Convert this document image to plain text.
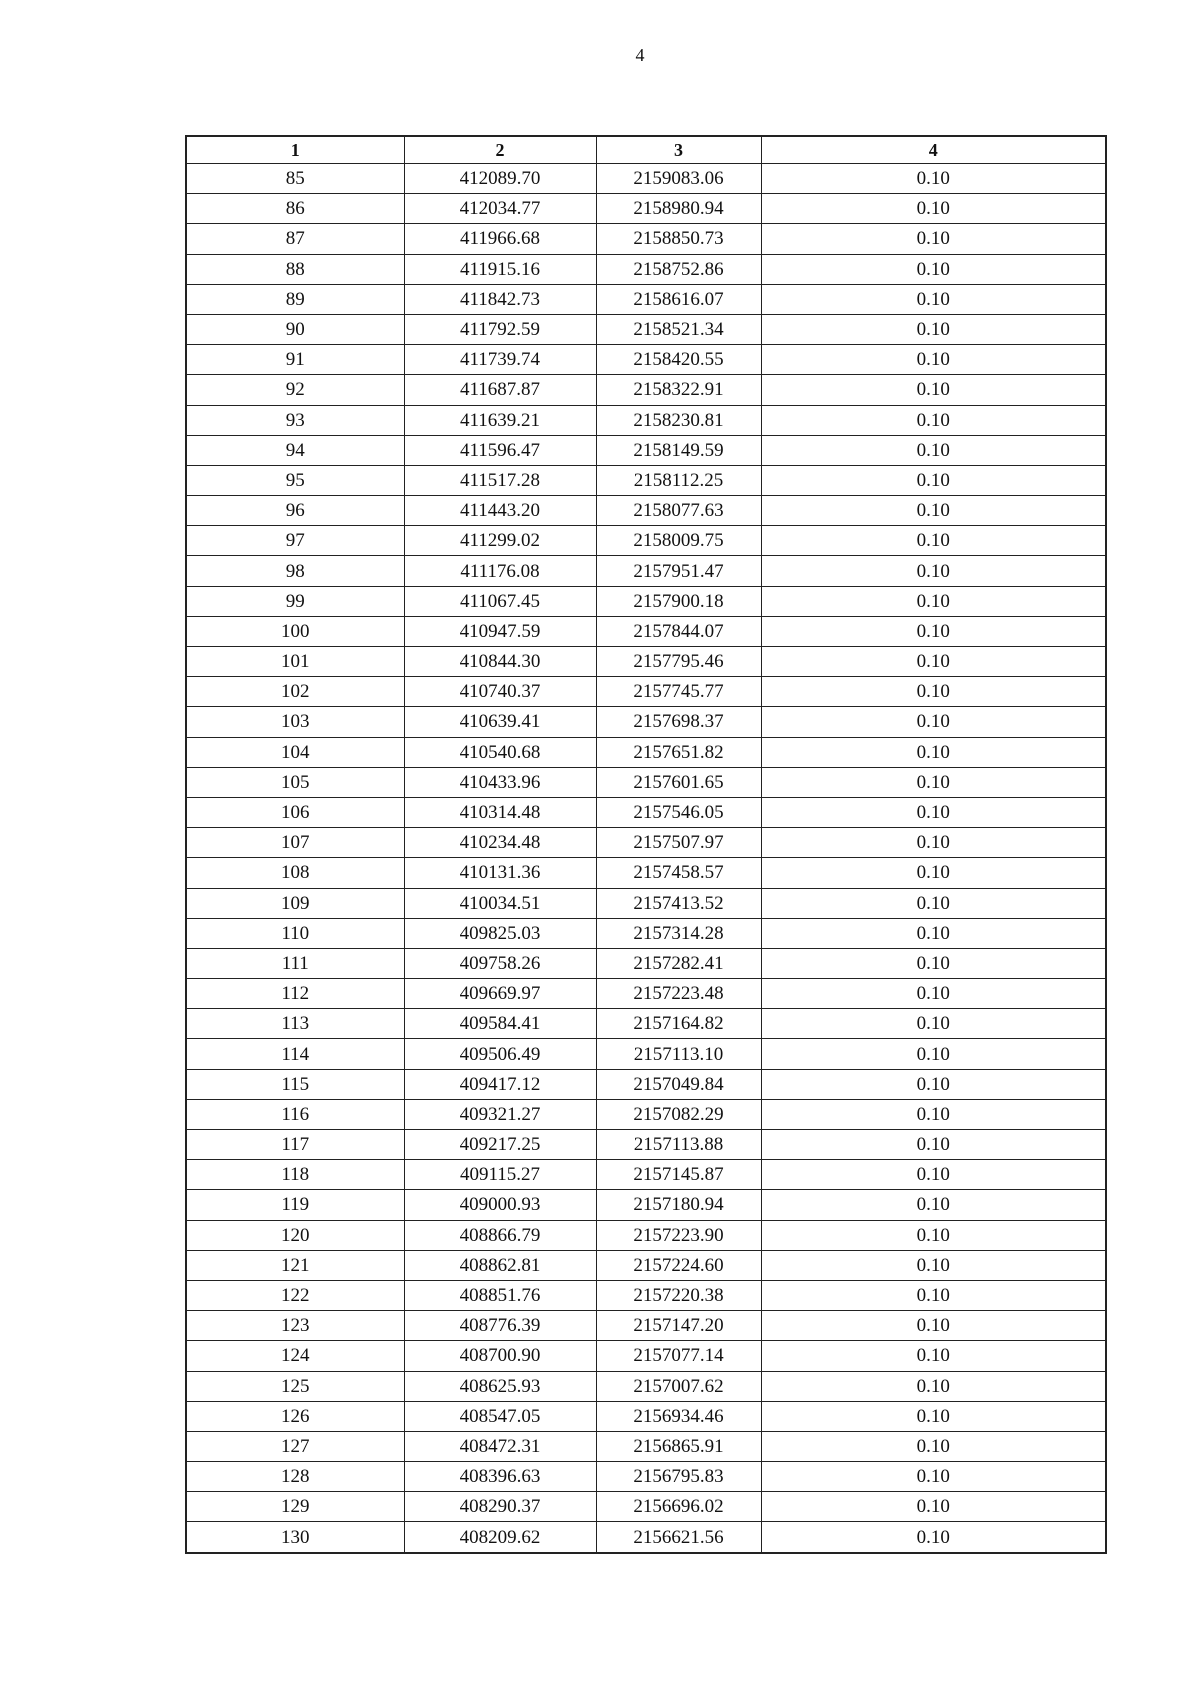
4
1	2	3	4
85	412089.70	2159083.06	0.10
86	412034.77	2158980.94	0.10
87	411966.68	2158850.73	0.10
88	411915.16	2158752.86	0.10
89	411842.73	2158616.07	0.10
90	411792.59	2158521.34	0.10
91	411739.74	2158420.55	0.10
92	411687.87	2158322.91	0.10
93	411639.21	2158230.81	0.10
94	411596.47	2158149.59	0.10
95	411517.28	2158112.25	0.10
96	411443.20	2158077.63	0.10
97	411299.02	2158009.75	0.10
98	411176.08	2157951.47	0.10
99	411067.45	2157900.18	0.10
100	410947.59	2157844.07	0.10
101	410844.30	2157795.46	0.10
102	410740.37	2157745.77	0.10
103	410639.41	2157698.37	0.10
104	410540.68	2157651.82	0.10
105	410433.96	2157601.65	0.10
106	410314.48	2157546.05	0.10
107	410234.48	2157507.97	0.10
108	410131.36	2157458.57	0.10
109	410034.51	2157413.52	0.10
110	409825.03	2157314.28	0.10
111	409758.26	2157282.41	0.10
112	409669.97	2157223.48	0.10
113	409584.41	2157164.82	0.10
114	409506.49	2157113.10	0.10
115	409417.12	2157049.84	0.10
116	409321.27	2157082.29	0.10
117	409217.25	2157113.88	0.10
118	409115.27	2157145.87	0.10
119	409000.93	2157180.94	0.10
120	408866.79	2157223.90	0.10
121	408862.81	2157224.60	0.10
122	408851.76	2157220.38	0.10
123	408776.39	2157147.20	0.10
124	408700.90	2157077.14	0.10
125	408625.93	2157007.62	0.10
126	408547.05	2156934.46	0.10
127	408472.31	2156865.91	0.10
128	408396.63	2156795.83	0.10
129	408290.37	2156696.02	0.10
130	408209.62	2156621.56	0.10
